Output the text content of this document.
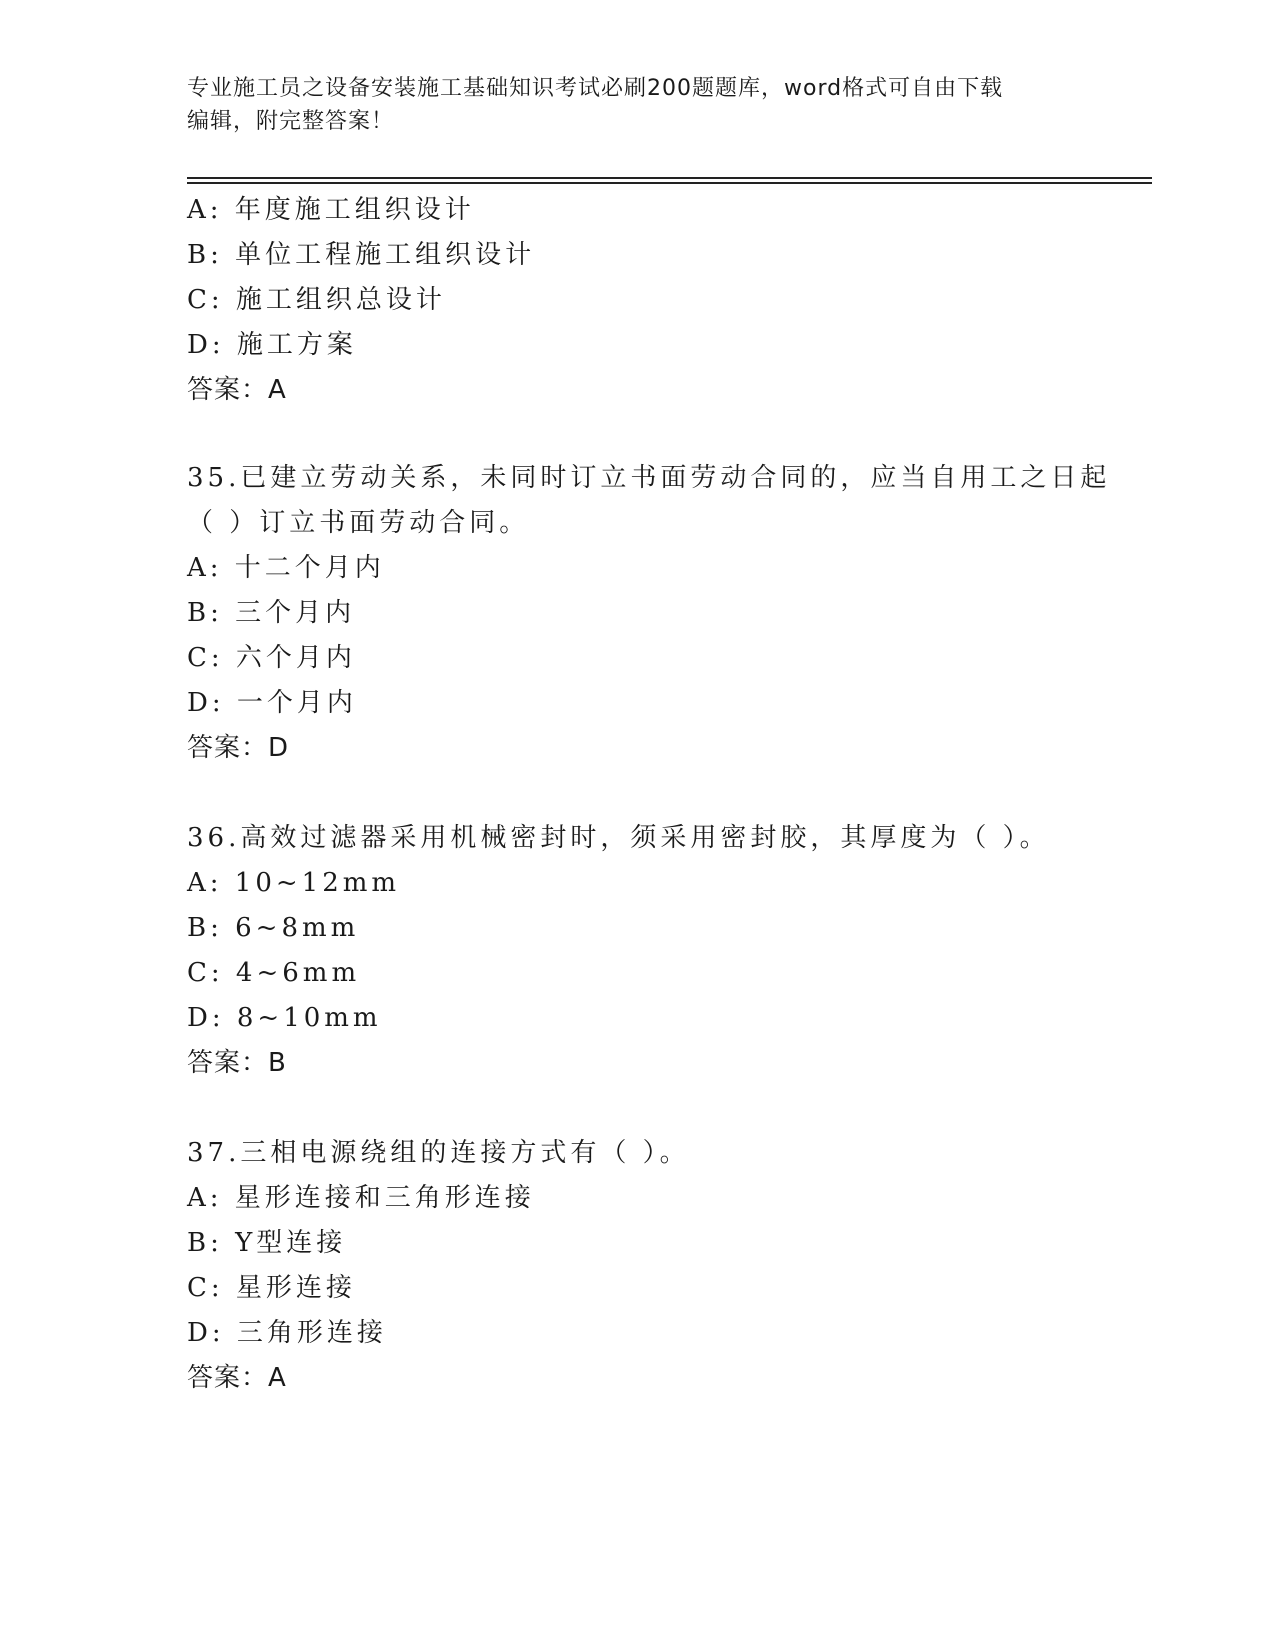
专业施工员之设备安装施工基础知识考试必刷200题题库，word格式可自由下载
编辑，附完整答案！
A: 年度施工组织设计
B: 单位工程施工组织设计
C: 施工组织总设计
D: 施工方案
答案：A
35.已建立劳动关系，未同时订立书面劳动合同的，应当自用工之日起
（ ）订立书面劳动合同。
A: 十二个月内
B: 三个月内
C: 六个月内
D: 一个月内
答案：D
36.高效过滤器采用机械密封时，须采用密封胶，其厚度为（ ）。
A: 10~12mm
B: 6~8mm
C: 4~6mm
D: 8~10mm
答案：B
37.三相电源绕组的连接方式有（ ）。
A: 星形连接和三角形连接
B: Y型连接
C: 星形连接
D: 三角形连接
答案：A
